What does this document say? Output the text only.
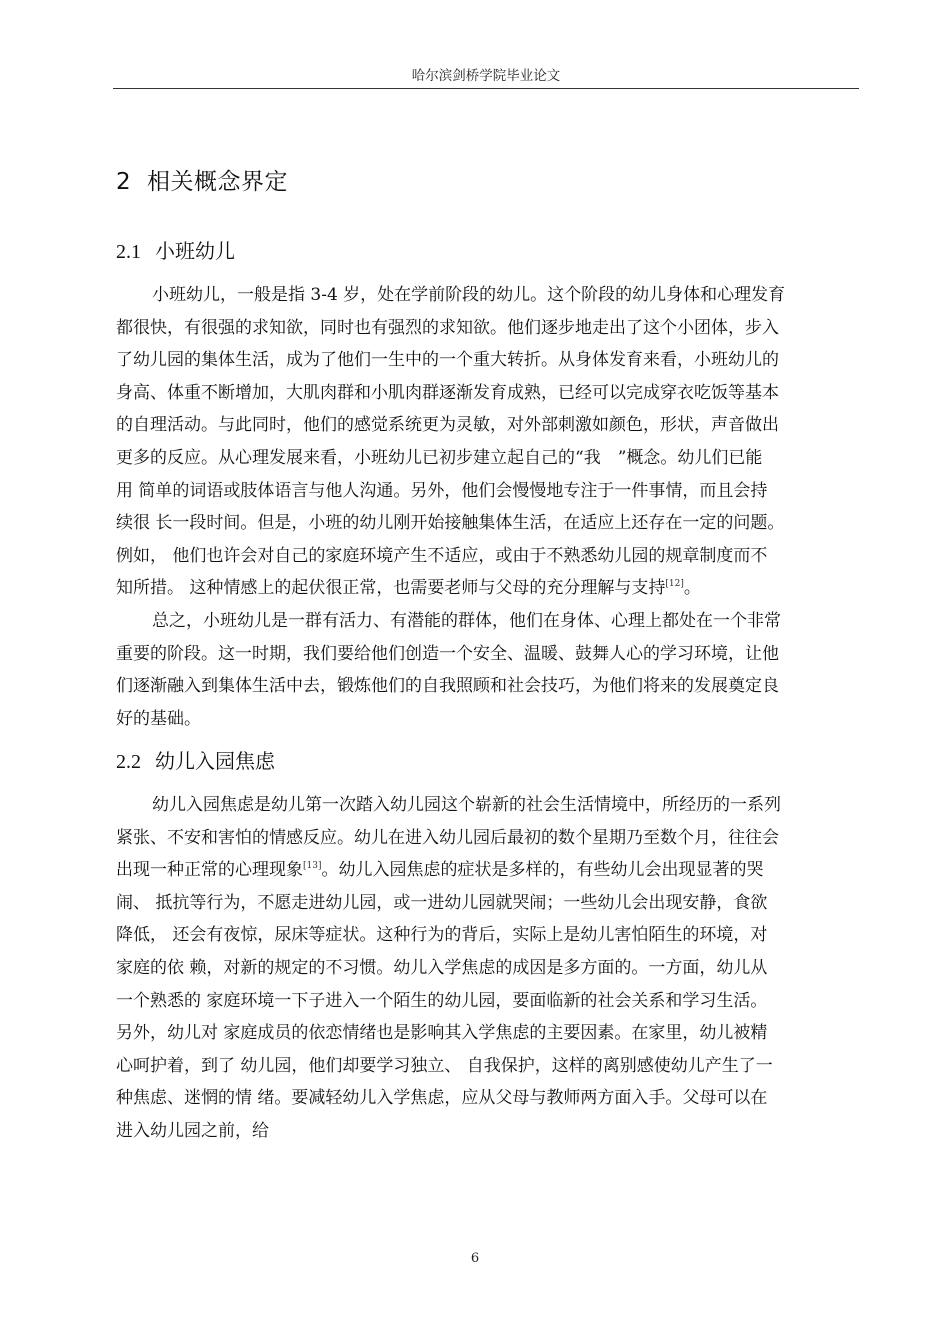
哈尔滨剑桥学院毕业论文
2 相关概念界定
2.1 小班幼儿
小班幼儿，一般是指 3-4 岁，处在学前阶段的幼儿。这个阶段的幼儿身体和心理发育
都很快，有很强的求知欲，同时也有强烈的求知欲。他们逐步地走出了这个小团体，步入
了幼儿园的集体生活，成为了他们一生中的一个重大转折。从身体发育来看，小班幼儿的
身高、体重不断增加，大肌肉群和小肌肉群逐渐发育成熟，已经可以完成穿衣吃饭等基本
的自理活动。与此同时，他们的感觉系统更为灵敏，对外部刺激如颜色，形状，声音做出
更多的反应。从心理发展来看，小班幼儿已初步建立起自己的“我　”概念。幼儿们已能
用 简单的词语或肢体语言与他人沟通。另外，他们会慢慢地专注于一件事情，而且会持
续很 长一段时间。但是，小班的幼儿刚开始接触集体生活，在适应上还存在一定的问题。
例如， 他们也许会对自己的家庭环境产生不适应，或由于不熟悉幼儿园的规章制度而不
知所措。 这种情感上的起伏很正常，也需要老师与父母的充分理解与支持[12]。
总之，小班幼儿是一群有活力、有潜能的群体，他们在身体、心理上都处在一个非常
重要的阶段。这一时期，我们要给他们创造一个安全、温暖、鼓舞人心的学习环境，让他
们逐渐融入到集体生活中去，锻炼他们的自我照顾和社会技巧，为他们将来的发展奠定良
好的基础。
2.2 幼儿入园焦虑
幼儿入园焦虑是幼儿第一次踏入幼儿园这个崭新的社会生活情境中，所经历的一系列
紧张、不安和害怕的情感反应。幼儿在进入幼儿园后最初的数个星期乃至数个月，往往会
出现一种正常的心理现象[13]。幼儿入园焦虑的症状是多样的，有些幼儿会出现显著的哭
闹、 抵抗等行为，不愿走进幼儿园，或一进幼儿园就哭闹；一些幼儿会出现安静，食欲
降低， 还会有夜惊，尿床等症状。这种行为的背后，实际上是幼儿害怕陌生的环境，对
家庭的依 赖，对新的规定的不习惯。幼儿入学焦虑的成因是多方面的。一方面，幼儿从
一个熟悉的 家庭环境一下子进入一个陌生的幼儿园，要面临新的社会关系和学习生活。
另外，幼儿对 家庭成员的依恋情绪也是影响其入学焦虑的主要因素。在家里，幼儿被精
心呵护着，到了 幼儿园，他们却要学习独立、 自我保护，这样的离别感使幼儿产生了一
种焦虑、迷惘的情 绪。要减轻幼儿入学焦虑，应从父母与教师两方面入手。父母可以在
进入幼儿园之前，给
6
